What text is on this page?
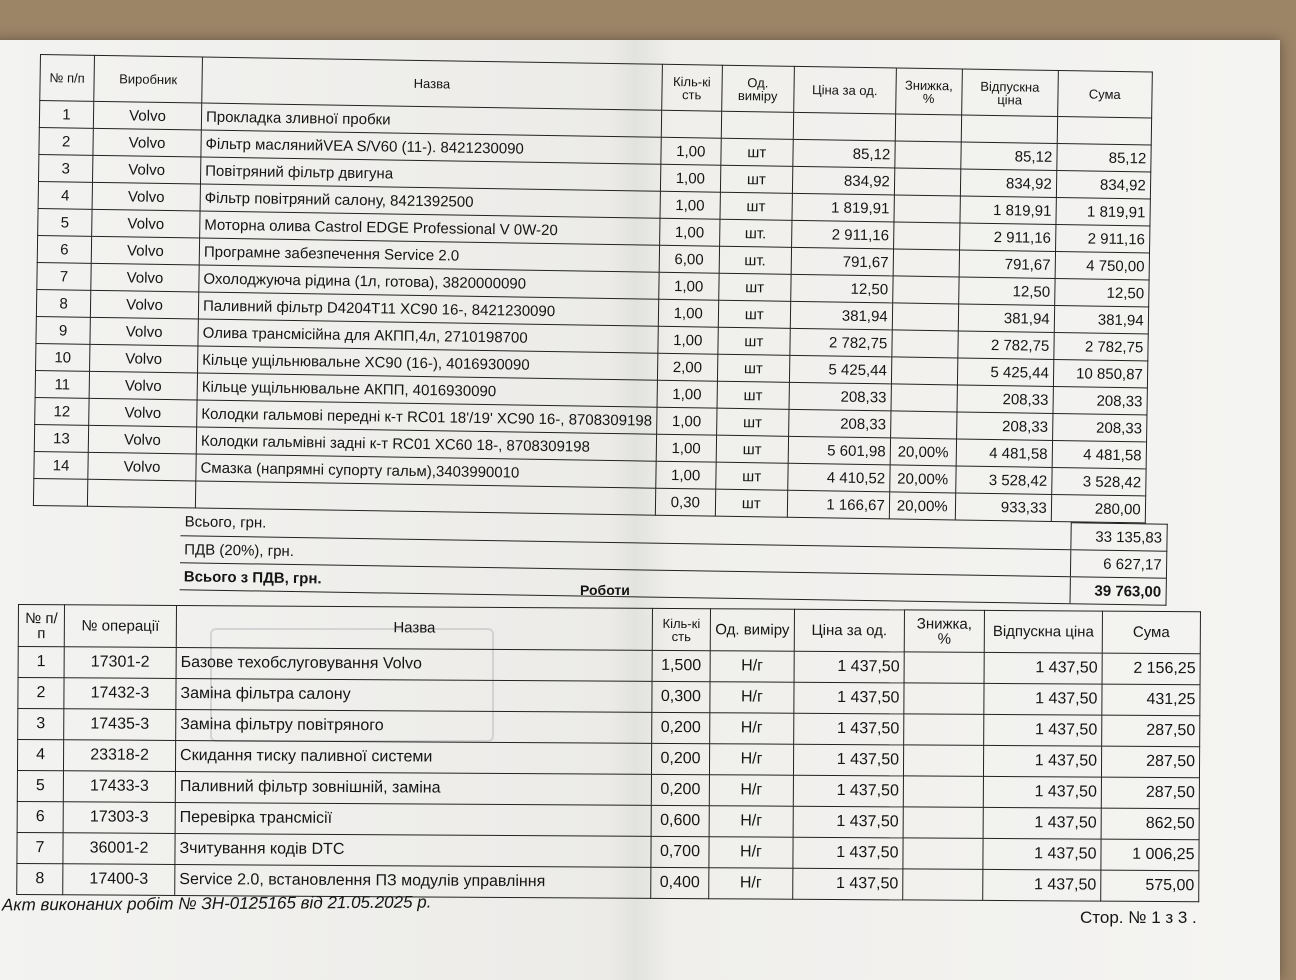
№ п/п	Виробник	Назва	Кіль-кі сть	Од. виміру	Ціна за од.	Знижка, %	Відпускна ціна	Сума
1	Volvo	Прокладка зливної пробки						
2	Volvo	Фільтр маслянийVEA S/V60 (11-). 8421230090	1,00	шт	85,12		85,12	85,12
3	Volvo	Повітряний фільтр двигуна	1,00	шт	834,92		834,92	834,92
4	Volvo	Фільтр повітряний салону, 8421392500	1,00	шт	1 819,91		1 819,91	1 819,91
5	Volvo	Моторна олива Castrol EDGE Professional V 0W-20	1,00	шт.	2 911,16		2 911,16	2 911,16
6	Volvo	Програмне забезпечення Service 2.0	6,00	шт.	791,67		791,67	4 750,00
7	Volvo	Охолоджуюча рідина (1л, готова), 3820000090	1,00	шт	12,50		12,50	12,50
8	Volvo	Паливний фільтр D4204T11 XC90 16-, 8421230090	1,00	шт	381,94		381,94	381,94
9	Volvo	Олива трансмісійна для АКПП,4л, 2710198700	1,00	шт	2 782,75		2 782,75	2 782,75
10	Volvo	Кільце ущільнювальне XC90 (16-), 4016930090	2,00	шт	5 425,44		5 425,44	10 850,87
11	Volvo	Кільце ущільнювальне АКПП, 4016930090	1,00	шт	208,33		208,33	208,33
12	Volvo	Колодки гальмові передні к-т RC01 18'/19' XC90 16-, 8708309198	1,00	шт	208,33		208,33	208,33
13	Volvo	Колодки гальмівні задні к-т RC01 XC60 18-, 8708309198	1,00	шт	5 601,98	20,00%	4 481,58	4 481,58
14	Volvo	Смазка (напрямні супорту гальм),3403990010	1,00	шт	4 410,52	20,00%	3 528,42	3 528,42
			0,30	шт	1 166,67	20,00%	933,33	280,00
Всього, грн.	33 135,83
ПДВ (20%), грн.	6 627,17
Всього з ПДВ, грн.	39 763,00
Роботи
№ п/п	№ операції	Назва	Кіль-кі сть	Од. виміру	Ціна за од.	Знижка, %	Відпускна ціна	Сума
1	17301-2	Базове техобслуговування Volvo	1,500	Н/г	1 437,50		1 437,50	2 156,25
2	17432-3	Заміна фільтра салону	0,300	Н/г	1 437,50		1 437,50	431,25
3	17435-3	Заміна фільтру повітряного	0,200	Н/г	1 437,50		1 437,50	287,50
4	23318-2	Скидання тиску паливної системи	0,200	Н/г	1 437,50		1 437,50	287,50
5	17433-3	Паливний фільтр зовнішній, заміна	0,200	Н/г	1 437,50		1 437,50	287,50
6	17303-3	Перевірка трансмісії	0,600	Н/г	1 437,50		1 437,50	862,50
7	36001-2	Зчитування кодів DTC	0,700	Н/г	1 437,50		1 437,50	1 006,25
8	17400-3	Service 2.0, встановлення ПЗ модулів управління	0,400	Н/г	1 437,50		1 437,50	575,00
Акт виконаних робіт № ЗН-0125165 від 21.05.2025 р.
Стор. № 1 з 3 .
